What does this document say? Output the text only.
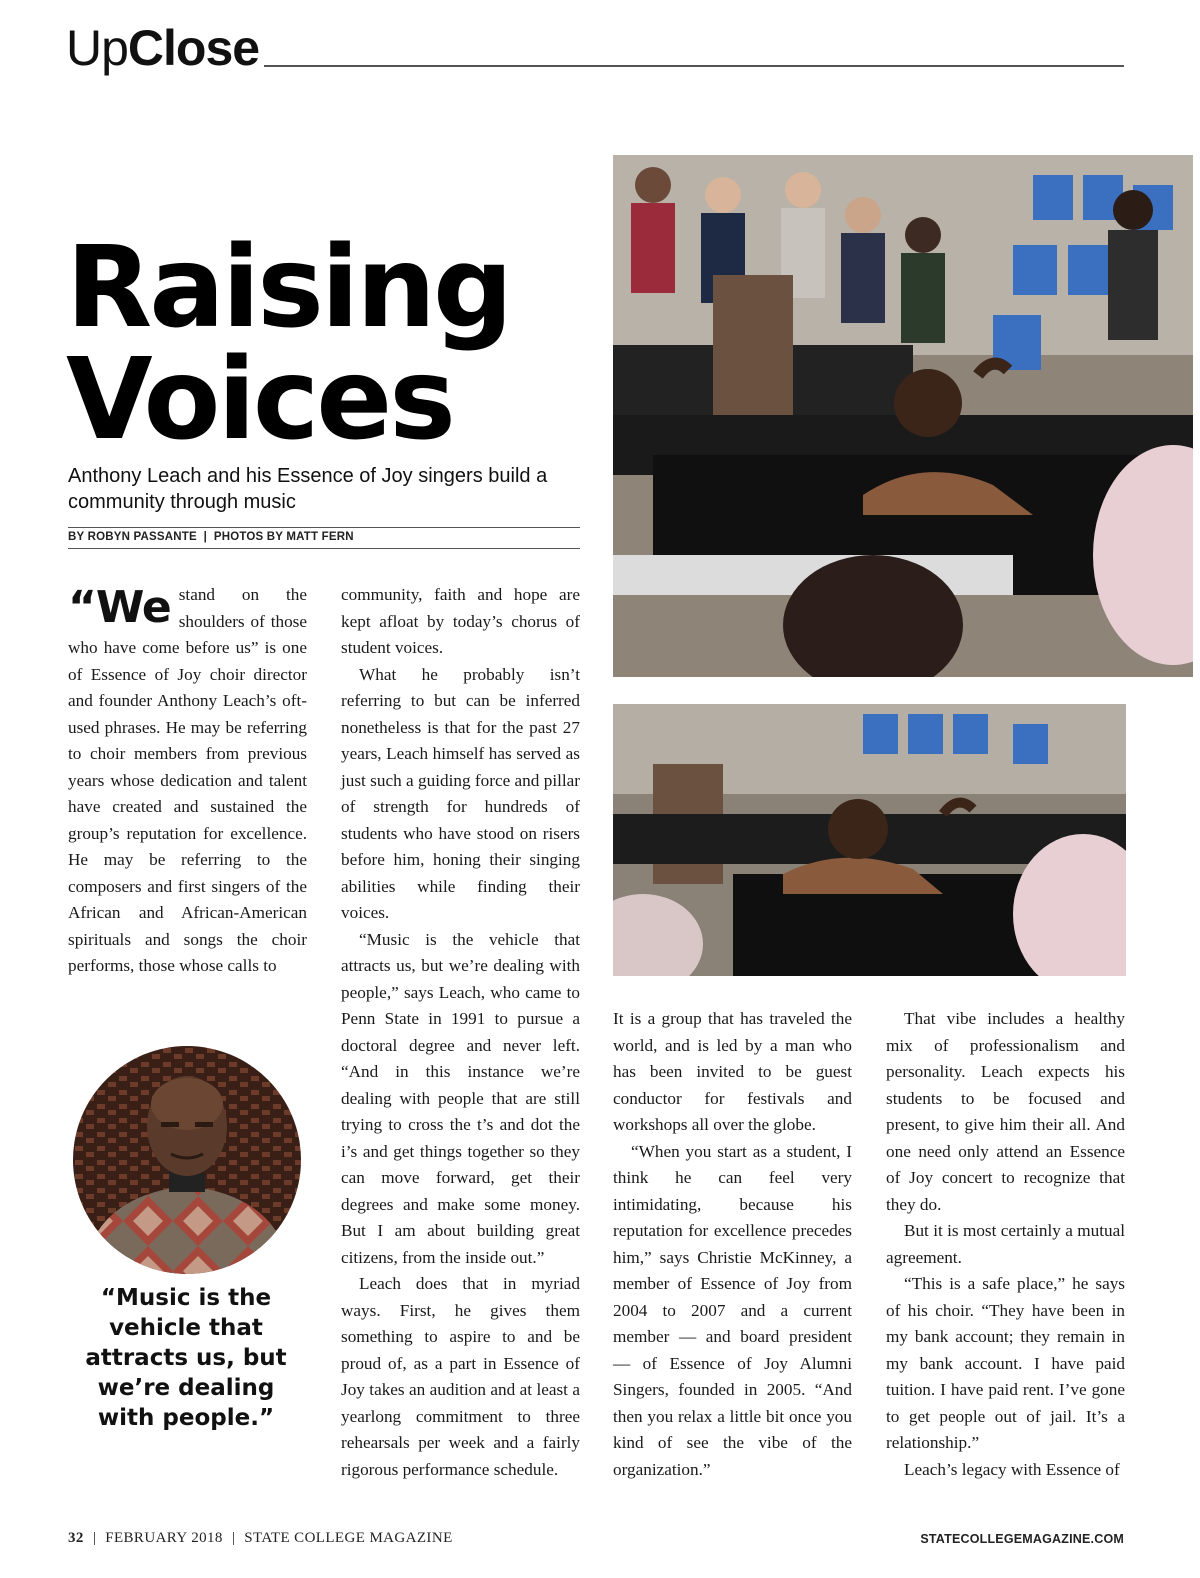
UpClose
Raising
Voices
Anthony Leach and his Essence of Joy singers build a community through music
BY ROBYN PASSANTE  |  PHOTOS BY MATT FERN

“We stand on the shoulders of those who have come before us” is one of Essence of Joy choir director and founder Anthony Leach’s oft-used phrases. He may be referring to choir members from previous years whose dedication and talent have created and sustained the group’s reputation for excellence. He may be referring to the composers and first singers of the African and African-American spirituals and songs the choir performs, those whose calls to

“Music is the vehicle that attracts us, but we’re dealing with people.”

community, faith and hope are kept afloat by today’s chorus of student voices.

What he probably isn’t referring to but can be inferred nonetheless is that for the past 27 years, Leach himself has served as just such a guiding force and pillar of strength for hundreds of students who have stood on risers before him, honing their singing abilities while finding their voices.

“Music is the vehicle that attracts us, but we’re dealing with people,” says Leach, who came to Penn State in 1991 to pursue a doctoral degree and never left. “And in this instance we’re dealing with people that are still trying to cross the t’s and dot the i’s and get things together so they can move forward, get their degrees and make some money. But I am about building great citizens, from the inside out.”

Leach does that in myriad ways. First, he gives them something to aspire to and be proud of, as a part in Essence of Joy takes an audition and at least a yearlong commitment to three rehearsals per week and a fairly rigorous performance schedule.

It is a group that has traveled the world, and is led by a man who has been invited to be guest conductor for festivals and workshops all over the globe.

“When you start as a student, I think he can feel very intimidating, because his reputation for excellence precedes him,” says Christie McKinney, a member of Essence of Joy from 2004 to 2007 and a current member — and board president — of Essence of Joy Alumni Singers, founded in 2005. “And then you relax a little bit once you kind of see the vibe of the organization.”

That vibe includes a healthy mix of professionalism and personality. Leach expects his students to be focused and present, to give him their all. And one need only attend an Essence of Joy concert to recognize that they do.

But it is most certainly a mutual agreement.

“This is a safe place,” he says of his choir. “They have been in my bank account; they remain in my bank account. I have paid tuition. I have paid rent. I’ve gone to get people out of jail. It’s a relationship.”

Leach’s legacy with Essence of

32 | FEBRUARY 2018 | STATE COLLEGE MAGAZINE	STATECOLLEGEMAGAZINE.COM
